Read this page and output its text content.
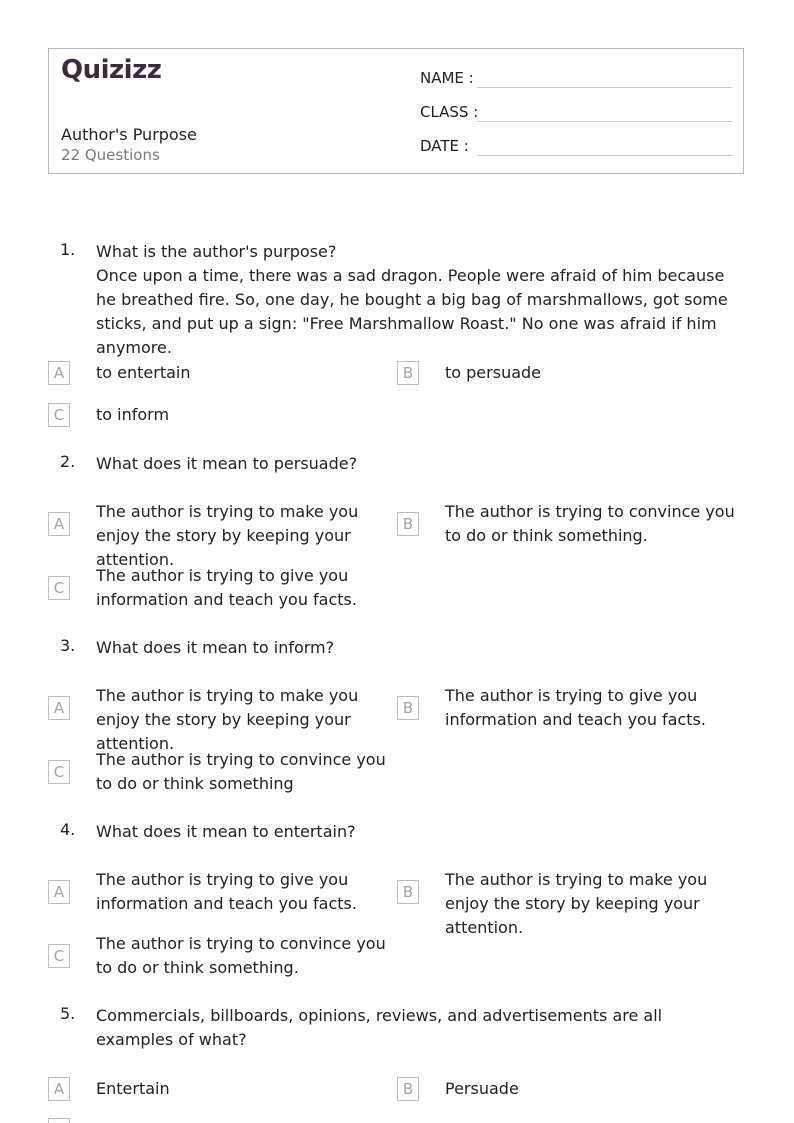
Quizizz
Author's Purpose
22 Questions
NAME :
CLASS :
DATE :
1. What is the author's purpose?
Once upon a time, there was a sad dragon. People were afraid of him because he breathed fire. So, one day, he bought a big bag of marshmallows, got some sticks, and put up a sign: "Free Marshmallow Roast." No one was afraid if him anymore.
A	to entertain	B	to persuade
C	to inform
2. What does it mean to persuade?
A
The author is trying to make you enjoy the story by keeping your attention.
B
The author is trying to convince you to do or think something.
C
The author is trying to give you information and teach you facts.
3. What does it mean to inform?
A
The author is trying to make you enjoy the story by keeping your attention.
B
The author is trying to give you information and teach you facts.
C
The author is trying to convince you to do or think something
4. What does it mean to entertain?
A
The author is trying to give you information and teach you facts.
B
The author is trying to make you enjoy the story by keeping your attention.
C
The author is trying to convince you to do or think something.
5. Commercials, billboards, opinions, reviews, and advertisements are all examples of what?
A	Entertain	B	Persuade
